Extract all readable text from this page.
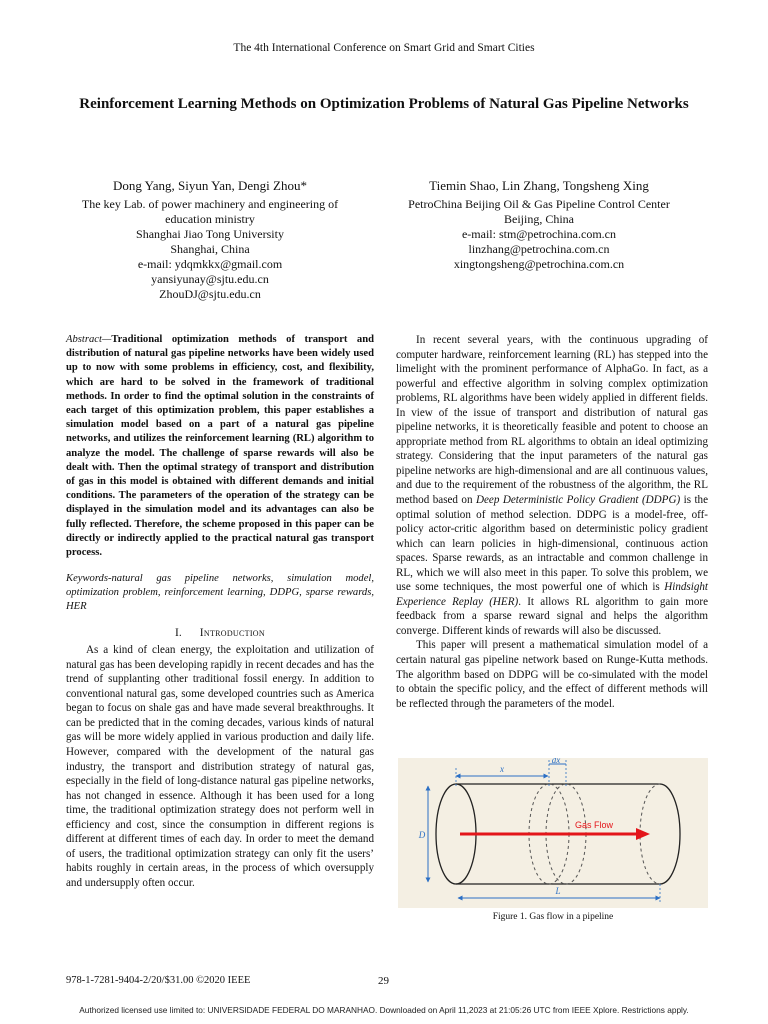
The 4th International Conference on Smart Grid and Smart Cities
Reinforcement Learning Methods on Optimization Problems of Natural Gas Pipeline Networks
Dong Yang, Siyun Yan, Dengi Zhou*
The key Lab. of power machinery and engineering of
education ministry
Shanghai Jiao Tong University
Shanghai, China
e-mail: ydqmkkx@gmail.com
yansiyunay@sjtu.edu.cn
ZhouDJ@sjtu.edu.cn
Tiemin Shao, Lin Zhang, Tongsheng Xing
PetroChina Beijing Oil & Gas Pipeline Control Center
Beijing, China
e-mail: stm@petrochina.com.cn
linzhang@petrochina.com.cn
xingtongsheng@petrochina.com.cn

Abstract—Traditional optimization methods of transport and distribution of natural gas pipeline networks have been widely used up to now with some problems in efficiency, cost, and flexibility, which are hard to be solved in the framework of traditional methods. In order to find the optimal solution in the constraints of each target of this optimization problem, this paper establishes a simulation model based on a part of a natural gas pipeline networks, and utilizes the reinforcement learning (RL) algorithm to analyze the model. The challenge of sparse rewards will also be dealt with. Then the optimal strategy of transport and distribution of gas in this model is obtained with different demands and initial conditions. The parameters of the operation of the strategy can be displayed in the simulation model and its advantages can also be fully reflected. Therefore, the scheme proposed in this paper can be directly or indirectly applied to the practical natural gas transport process.

Keywords-natural gas pipeline networks, simulation model, optimization problem, reinforcement learning, DDPG, sparse rewards, HER

I. Introduction

As a kind of clean energy, the exploitation and utilization of natural gas has been developing rapidly in recent decades and has the trend of supplanting other traditional fossil energy. In addition to conventional natural gas, some developed countries such as America began to focus on shale gas and have made several breakthroughs. It can be predicted that in the coming decades, various kinds of natural gas will be more widely applied in various production and daily life. However, compared with the development of the natural gas industry, the transport and distribution strategy of natural gas, especially in the field of long-distance natural gas pipeline networks, has not changed in essence. Although it has been used for a long time, the traditional optimization strategy does not perform well in efficiency and cost, since the consumption in different regions is different at different times of each day. In order to meet the demand of users, the traditional optimization strategy can only fit the users’ habits roughly in certain areas, in the process of which oversupply and undersupply often occur.

In recent several years, with the continuous upgrading of computer hardware, reinforcement learning (RL) has stepped into the limelight with the prominent performance of AlphaGo. In fact, as a powerful and effective algorithm in solving complex optimization problems, RL algorithms have been widely applied in different fields. In view of the issue of transport and distribution of natural gas pipeline networks, it is theoretically feasible and potent to choose an appropriate method from RL algorithms to obtain an ideal optimizing strategy. Considering that the input parameters of the natural gas pipeline networks are high-dimensional and are all continuous values, and due to the requirement of the robustness of the algorithm, the RL method based on Deep Deterministic Policy Gradient (DDPG) is the optimal solution of method selection. DDPG is a model-free, off-policy actor-critic algorithm based on deterministic policy gradient which can learn policies in high-dimensional, continuous action spaces. Sparse rewards, as an intractable and common challenge in RL, which we will also meet in this paper. To solve this problem, we use some techniques, the most powerful one of which is Hindsight Experience Replay (HER). It allows RL algorithm to gain more feedback from a sparse reward signal and helps the algorithm converge. Different kinds of rewards will also be discussed.

This paper will present a mathematical simulation model of a certain natural gas pipeline network based on Runge-Kutta methods. The algorithm based on DDPG will be co-simulated with the model to obtain the specific policy, and the effect of different methods will be reflected through the parameters of the model.

dx
x
D
L
Gas Flow
Figure 1. Gas flow in a pipeline
978-1-7281-9404-2/20/$31.00 ©2020 IEEE	29
Authorized licensed use limited to: UNIVERSIDADE FEDERAL DO MARANHAO. Downloaded on April 11,2023 at 21:05:26 UTC from IEEE Xplore. Restrictions apply.
